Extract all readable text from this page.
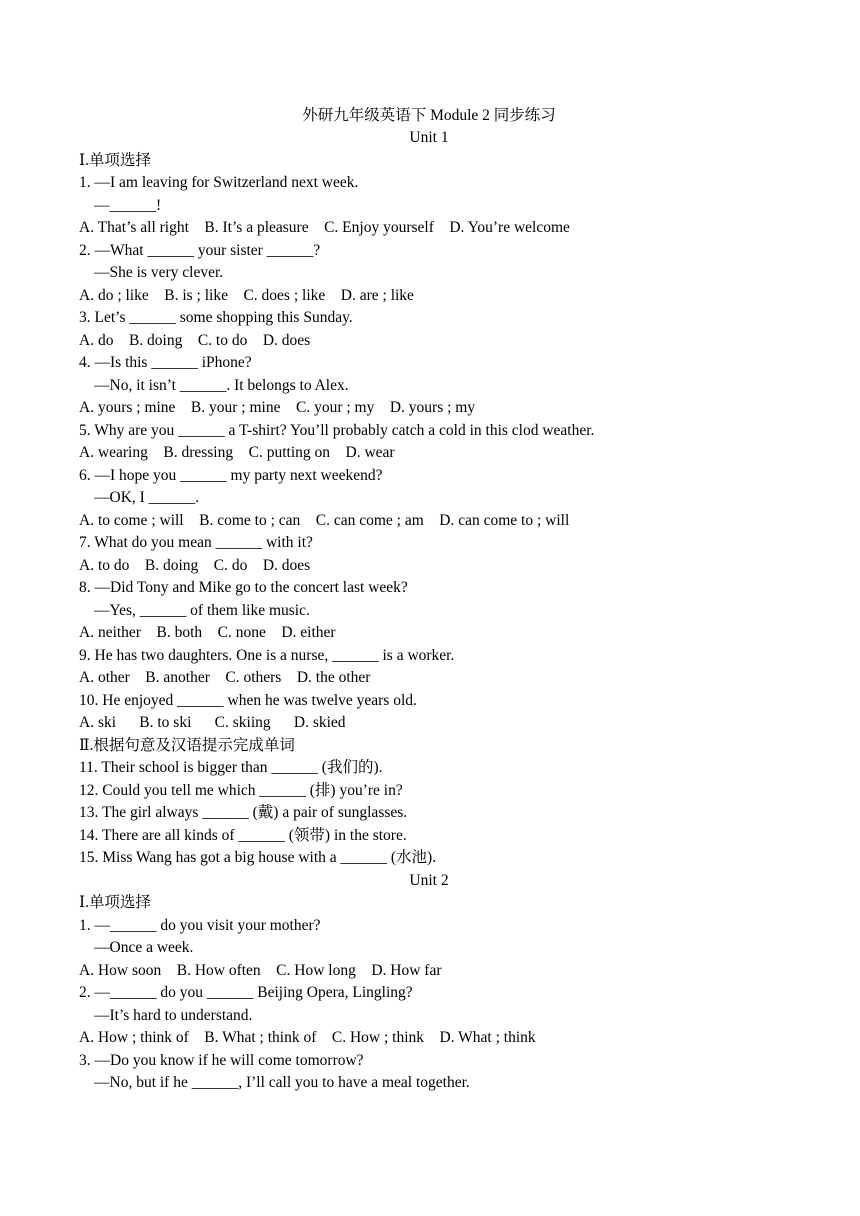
外研九年级英语下 Module 2 同步练习
Unit 1
Ⅰ.单项选择
1. —I am leaving for Switzerland next week.
—______!
A. That’s all right    B. It’s a pleasure    C. Enjoy yourself    D. You’re welcome
2. —What ______ your sister ______?
—She is very clever.
A. do ; like    B. is ; like    C. does ; like    D. are ; like
3. Let’s ______ some shopping this Sunday.
A. do    B. doing    C. to do    D. does
4. —Is this ______ iPhone?
—No, it isn’t ______. It belongs to Alex.
A. yours ; mine    B. your ; mine    C. your ; my    D. yours ; my
5. Why are you ______ a T-shirt? You’ll probably catch a cold in this clod weather.
A. wearing    B. dressing    C. putting on    D. wear
6. —I hope you ______ my party next weekend?
—OK, I ______.
A. to come ; will    B. come to ; can    C. can come ; am    D. can come to ; will
7. What do you mean ______ with it?
A. to do    B. doing    C. do    D. does
8. —Did Tony and Mike go to the concert last week?
—Yes, ______ of them like music.
A. neither    B. both    C. none    D. either
9. He has two daughters. One is a nurse, ______ is a worker.
A. other    B. another    C. others    D. the other
10. He enjoyed ______ when he was twelve years old.
A. ski      B. to ski      C. skiing      D. skied
Ⅱ.根据句意及汉语提示完成单词
11. Their school is bigger than ______ (我们的).
12. Could you tell me which ______ (排) you’re in?
13. The girl always ______ (戴) a pair of sunglasses.
14. There are all kinds of ______ (领带) in the store.
15. Miss Wang has got a big house with a ______ (水池).
Unit 2
Ⅰ.单项选择
1. —______ do you visit your mother?
—Once a week.
A. How soon    B. How often    C. How long    D. How far
2. —______ do you ______ Beijing Opera, Lingling?
—It’s hard to understand.
A. How ; think of    B. What ; think of    C. How ; think    D. What ; think
3. —Do you know if he will come tomorrow?
—No, but if he ______, I’ll call you to have a meal together.
